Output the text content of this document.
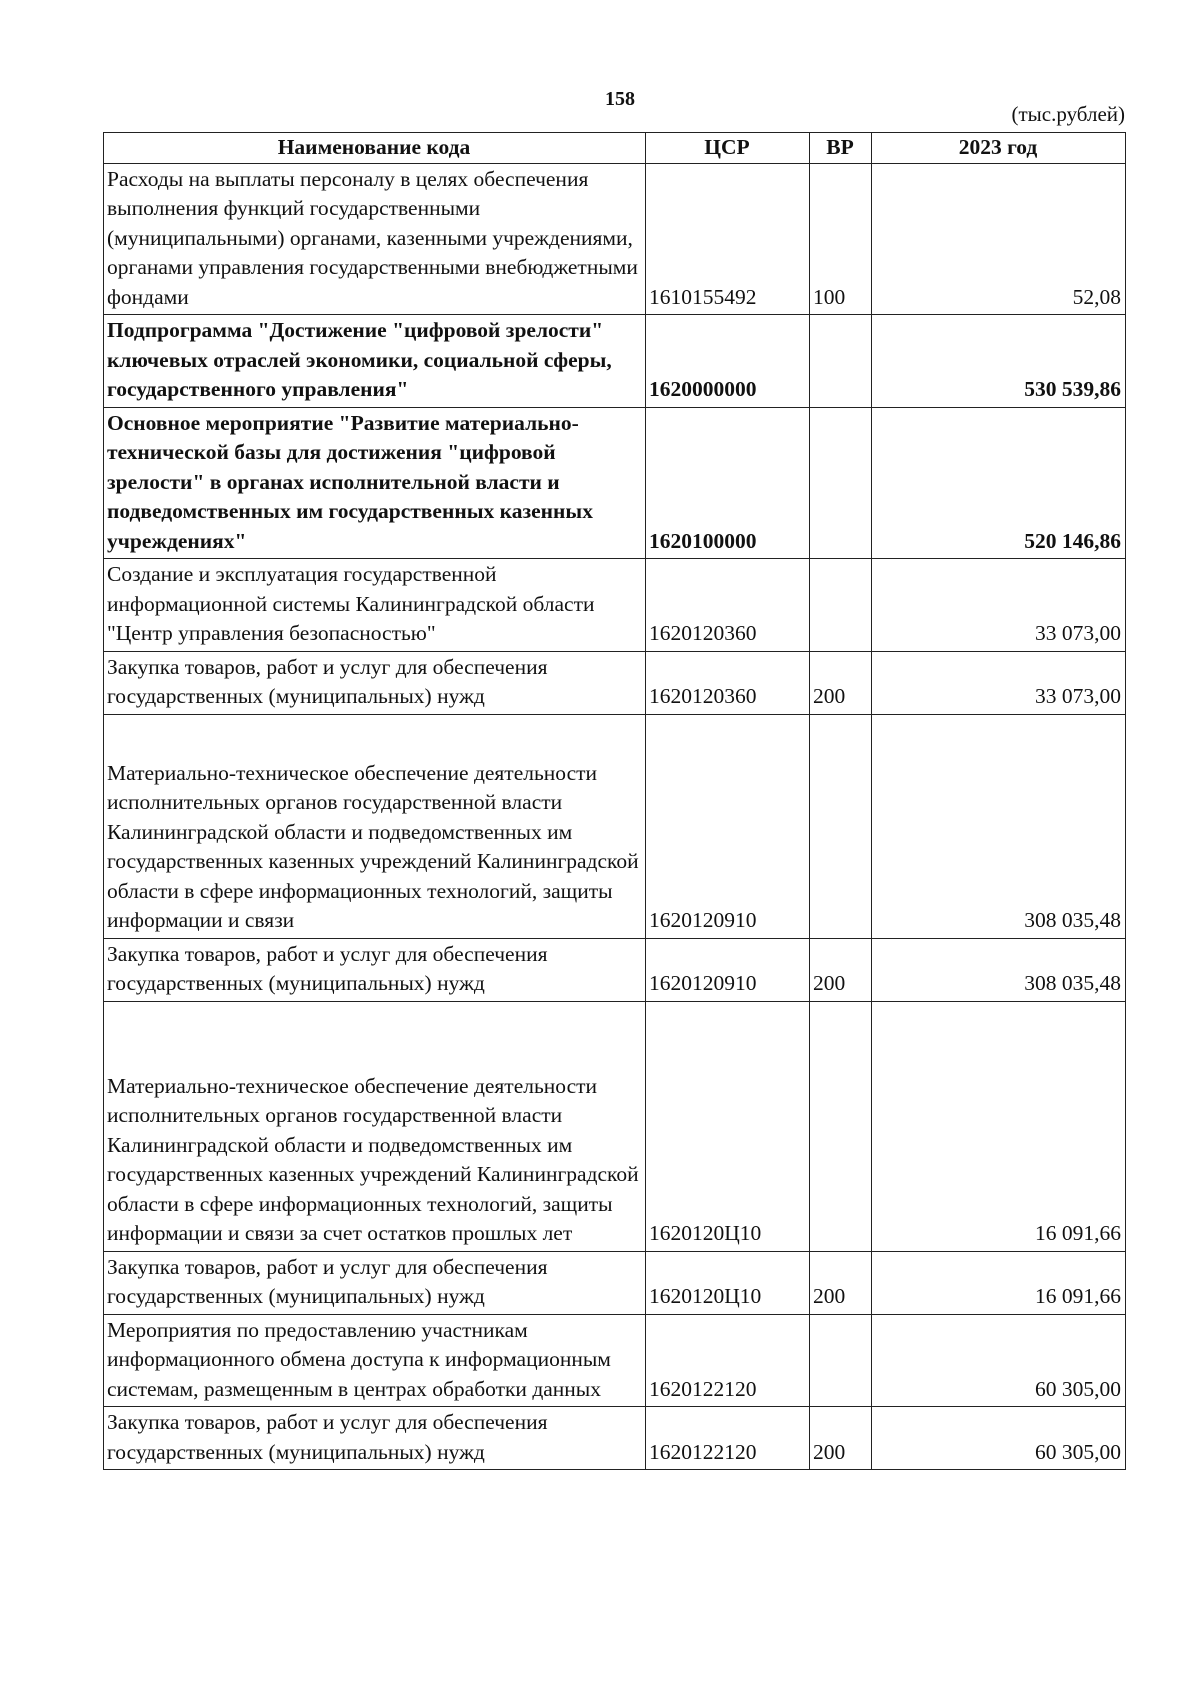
158
(тыс.рублей)
Наименование кода	ЦСР	ВР	2023 год
Расходы на выплаты персоналу в целях обеспечения выполнения функций государственными (муниципальными) органами, казенными учреждениями, органами управления государственными внебюджетными фондами	1610155492	100	52,08
Подпрограмма "Достижение "цифровой зрелости" ключевых отраслей экономики, социальной сферы, государственного управления"	1620000000		530 539,86
Основное мероприятие "Развитие материально-технической базы для достижения "цифровой зрелости" в органах исполнительной власти и подведомственных им государственных казенных учреждениях"	1620100000		520 146,86
Создание и эксплуатация государственной информационной системы Калининградской области "Центр управления безопасностью"	1620120360		33 073,00
Закупка товаров, работ и услуг для обеспечения государственных (муниципальных) нужд	1620120360	200	33 073,00
Материально-техническое обеспечение деятельности исполнительных органов государственной власти Калининградской области и подведомственных им государственных казенных учреждений Калининградской области в сфере информационных технологий, защиты информации и связи	1620120910		308 035,48
Закупка товаров, работ и услуг для обеспечения государственных (муниципальных) нужд	1620120910	200	308 035,48
Материально-техническое обеспечение деятельности исполнительных органов государственной власти Калининградской области и подведомственных им государственных казенных учреждений Калининградской области в сфере информационных технологий, защиты информации и связи за счет остатков прошлых лет	1620120Ц10		16 091,66
Закупка товаров, работ и услуг для обеспечения государственных (муниципальных) нужд	1620120Ц10	200	16 091,66
Мероприятия по предоставлению участникам информационного обмена доступа к информационным системам, размещенным в центрах обработки данных	1620122120		60 305,00
Закупка товаров, работ и услуг для обеспечения государственных (муниципальных) нужд	1620122120	200	60 305,00
